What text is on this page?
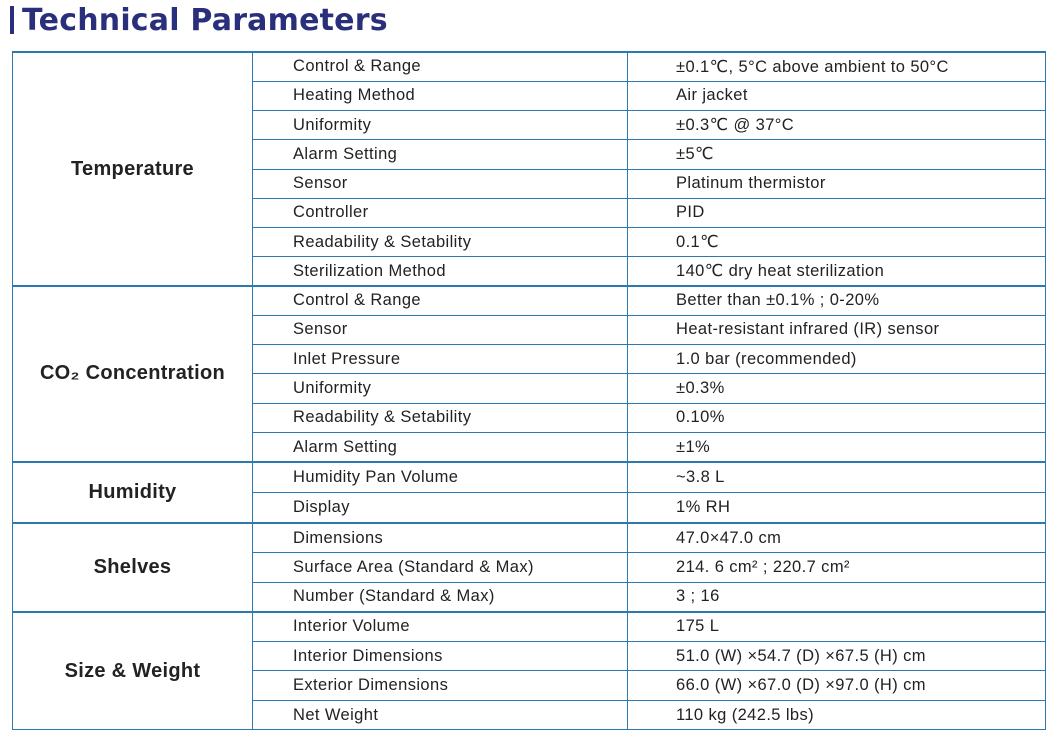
Technical Parameters
Temperature	Control & Range	±0.1℃, 5°C above ambient to 50°C
	Heating Method	Air jacket
	Uniformity	±0.3℃ @ 37°C
	Alarm Setting	±5℃
	Sensor	Platinum thermistor
	Controller	PID
	Readability & Setability	0.1℃
	Sterilization Method	140℃ dry heat sterilization
CO₂ Concentration	Control & Range	Better than ±0.1% ; 0-20%
	Sensor	Heat-resistant infrared (IR) sensor
	Inlet Pressure	1.0 bar (recommended)
	Uniformity	±0.3%
	Readability & Setability	0.10%
	Alarm Setting	±1%
Humidity	Humidity Pan Volume	~3.8 L
	Display	1% RH
Shelves	Dimensions	47.0×47.0 cm
	Surface Area (Standard & Max)	214. 6 cm² ; 220.7 cm²
	Number (Standard & Max)	3 ; 16
Size & Weight	Interior Volume	175 L
	Interior Dimensions	51.0 (W) ×54.7 (D) ×67.5 (H) cm
	Exterior Dimensions	66.0 (W) ×67.0 (D) ×97.0 (H) cm
	Net Weight	110 kg (242.5 lbs)
